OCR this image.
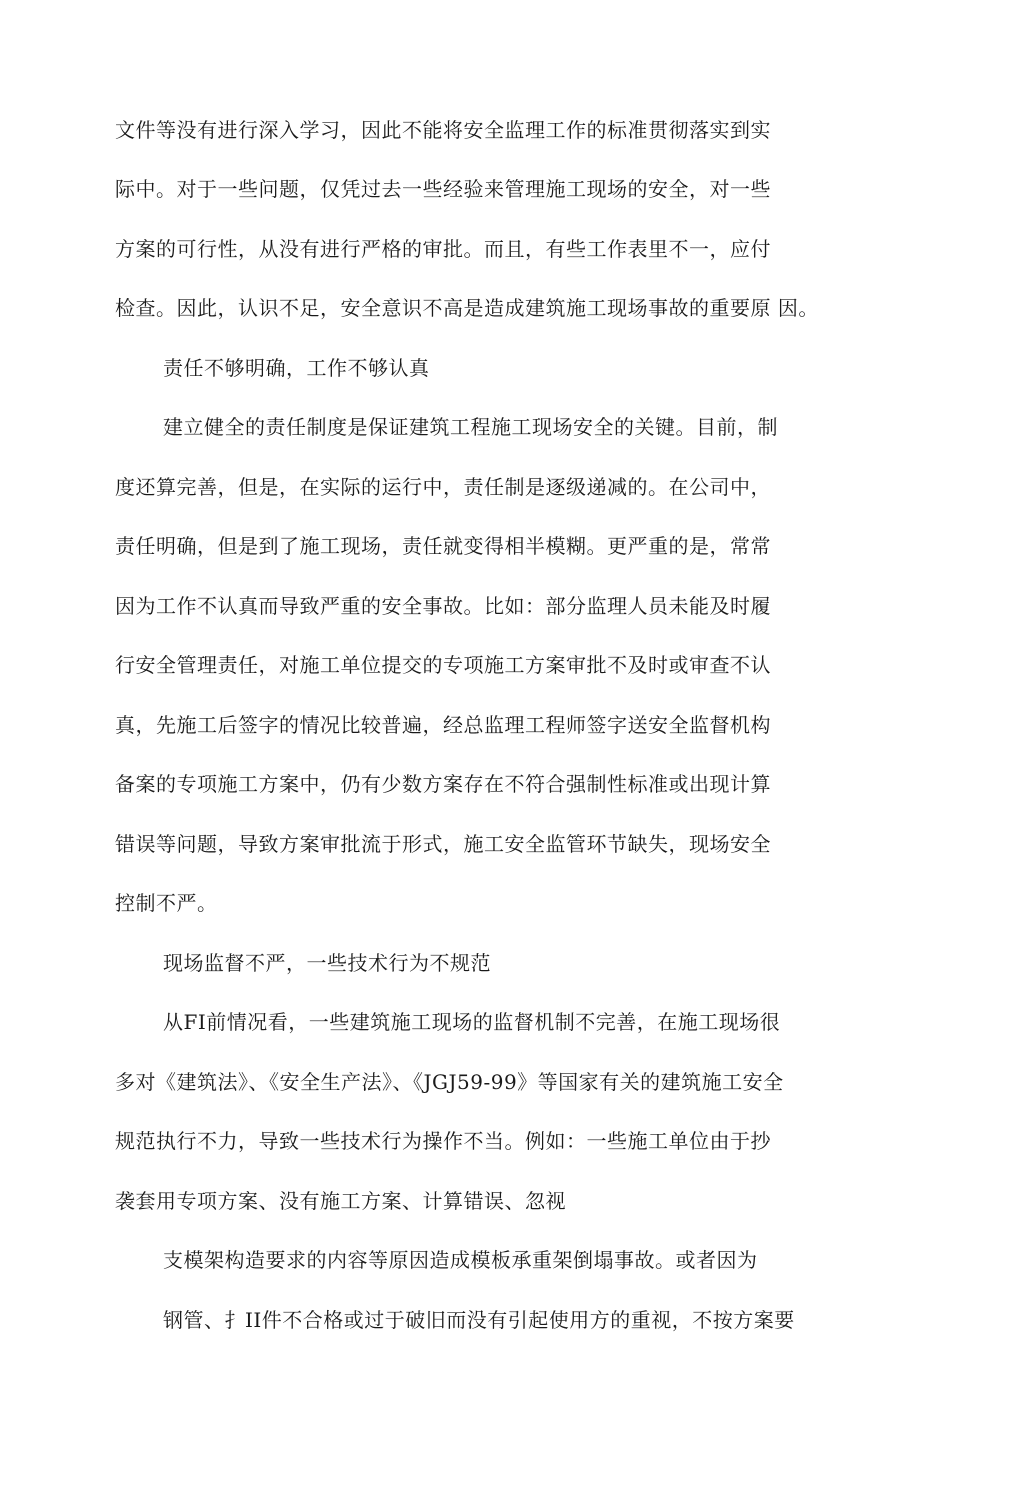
文件等没有进行深入学习，因此不能将安全监理工作的标准贯彻落实到实
际中。对于一些问题，仅凭过去一些经验来管理施工现场的安全，对一些
方案的可行性，从没有进行严格的审批。而且，有些工作表里不一，应付
检查。因此，认识不足，安全意识不高是造成建筑施工现场事故的重要原 因。
责任不够明确，工作不够认真
建立健全的责任制度是保证建筑工程施工现场安全的关键。目前，制
度还算完善，但是，在实际的运行中，责任制是逐级递减的。在公司中，
责任明确，但是到了施工现场，责任就变得相半模糊。更严重的是，常常
因为工作不认真而导致严重的安全事故。比如：部分监理人员未能及时履
行安全管理责任，对施工单位提交的专项施工方案审批不及时或审查不认
真，先施工后签字的情况比较普遍，经总监理工程师签字送安全监督机构
备案的专项施工方案中，仍有少数方案存在不符合强制性标准或出现计算
错误等问题，导致方案审批流于形式，施工安全监管环节缺失，现场安全
控制不严。
现场监督不严，一些技术行为不规范
从FI前情况看，一些建筑施工现场的监督机制不完善，在施工现场很
多对《建筑法》、《安全生产法》、《JGJ59-99》等国家有关的建筑施工安全
规范执行不力，导致一些技术行为操作不当。例如：一些施工单位由于抄
袭套用专项方案、没有施工方案、计算错误、忽视
支模架构造要求的内容等原因造成模板承重架倒塌事故。或者因为
钢管、扌II件不合格或过于破旧而没有引起使用方的重视，不按方案要
